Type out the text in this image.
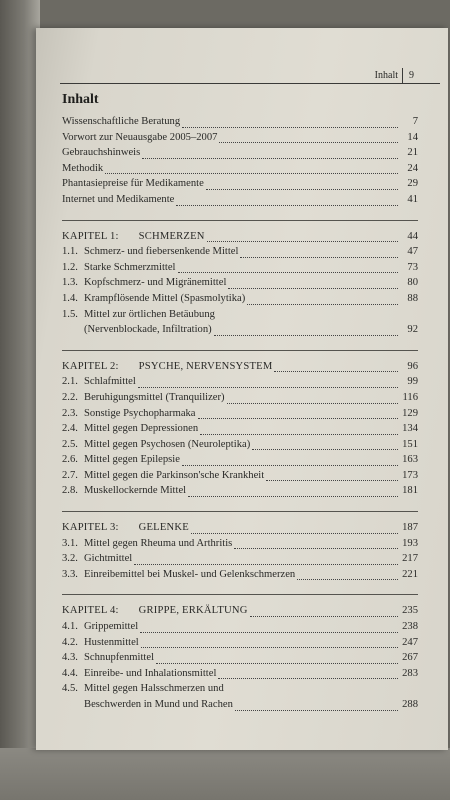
Inhalt 9
Inhalt
Wissenschaftliche Beratung	7
Vorwort zur Neuausgabe 2005–2007	14
Gebrauchshinweis	21
Methodik	24
Phantasiepreise für Medikamente	29
Internet und Medikamente	41
KAPITEL 1: SCHMERZEN	44
1.1. Schmerz- und fiebersenkende Mittel	47
1.2. Starke Schmerzmittel	73
1.3. Kopfschmerz- und Migränemittel	80
1.4. Krampflösende Mittel (Spasmolytika)	88
1.5. Mittel zur örtlichen Betäubung
(Nervenblockade, Infiltration)	92
KAPITEL 2: PSYCHE, NERVENSYSTEM	96
2.1. Schlafmittel	99
2.2. Beruhigungsmittel (Tranquilizer)	116
2.3. Sonstige Psychopharmaka	129
2.4. Mittel gegen Depressionen	134
2.5. Mittel gegen Psychosen (Neuroleptika)	151
2.6. Mittel gegen Epilepsie	163
2.7. Mittel gegen die Parkinson'sche Krankheit	173
2.8. Muskellockernde Mittel	181
KAPITEL 3: GELENKE	187
3.1. Mittel gegen Rheuma und Arthritis	193
3.2. Gichtmittel	217
3.3. Einreibemittel bei Muskel- und Gelenkschmerzen	221
KAPITEL 4: GRIPPE, ERKÄLTUNG	235
4.1. Grippemittel	238
4.2. Hustenmittel	247
4.3. Schnupfenmittel	267
4.4. Einreibe- und Inhalationsmittel	283
4.5. Mittel gegen Halsschmerzen und
Beschwerden in Mund und Rachen	288
